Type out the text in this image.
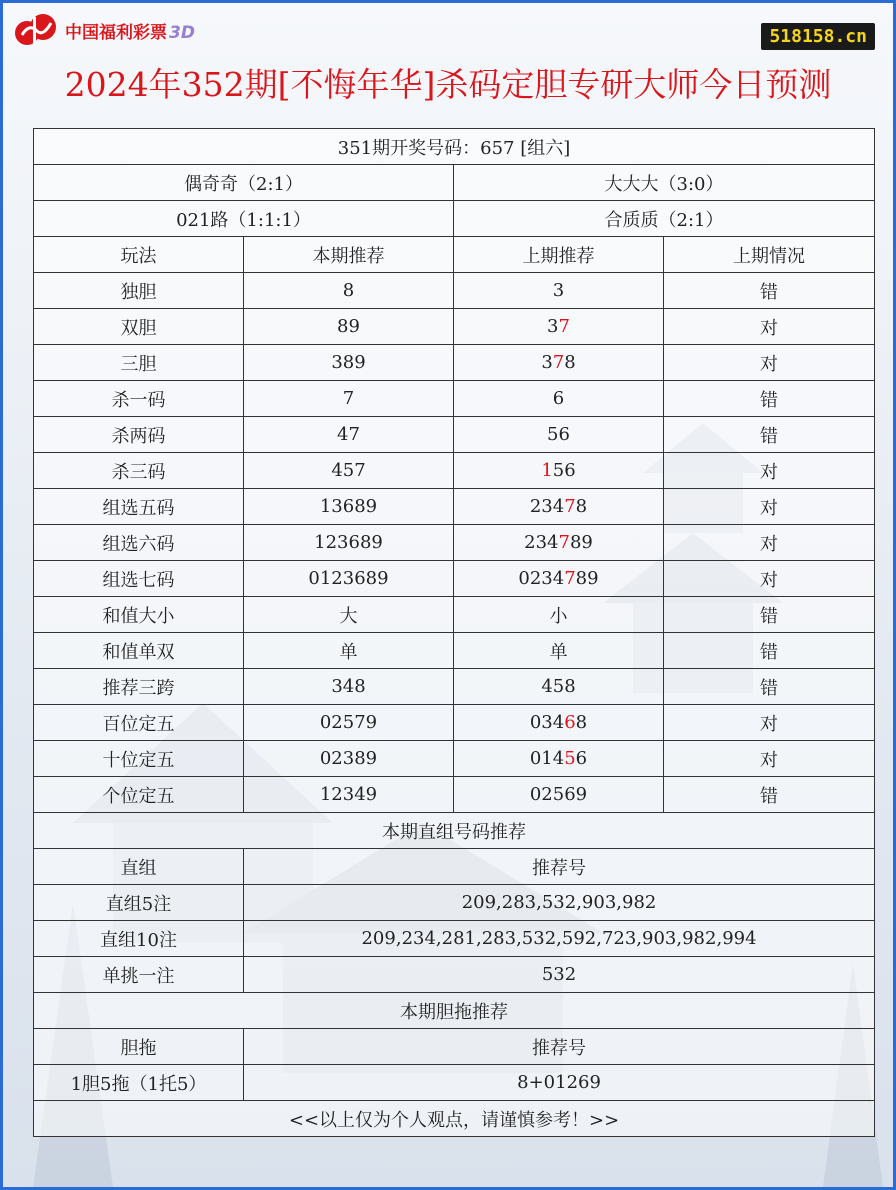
中国福利彩票 3D	518158.cn
2024年352期[不悔年华]杀码定胆专研大师今日预测
351期开奖号码：657 [组六]			
偶奇奇（2:1）		大大大（3:0）	
021路（1:1:1）		合质质（2:1）	
玩法	本期推荐	上期推荐	上期情况
独胆	8	3	错
双胆	89	37	对
三胆	389	378	对
杀一码	7	6	错
杀两码	47	56	错
杀三码	457	156	对
组选五码	13689	23478	对
组选六码	123689	234789	对
组选七码	0123689	0234789	对
和值大小	大	小	错
和值单双	单	单	错
推荐三跨	348	458	错
百位定五	02579	03468	对
十位定五	02389	01456	对
个位定五	12349	02569	错
本期直组号码推荐			
直组	推荐号		
直组5注	209,283,532,903,982		
直组10注	209,234,281,283,532,592,723,903,982,994		
单挑一注	532		
本期胆拖推荐			
胆拖	推荐号		
1胆5拖（1托5）	8+01269		
<<以上仅为个人观点，请谨慎参考！>>			
